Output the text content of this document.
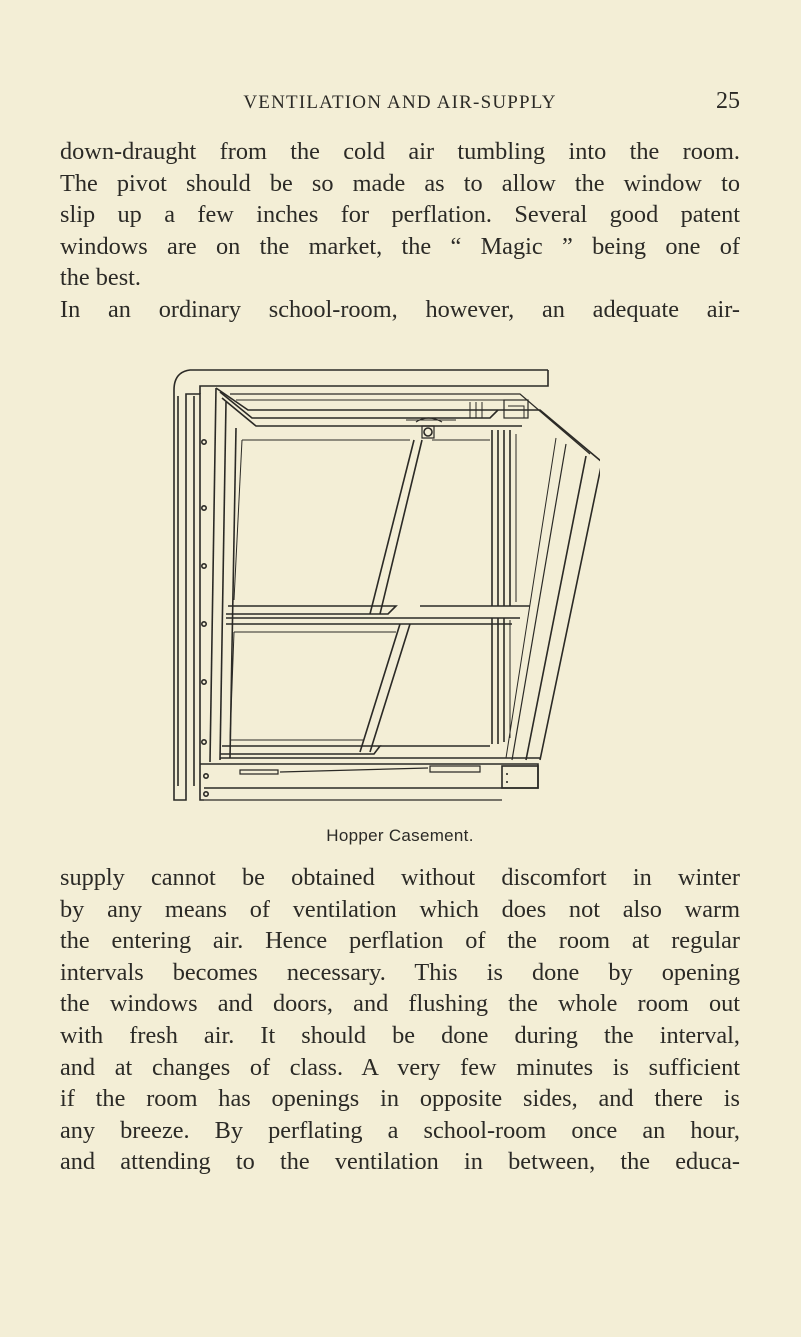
VENTILATION AND AIR-SUPPLY	25
down-draught from the cold air tumbling into the room.
The pivot should be so made as to allow the window to
slip up a few inches for perflation. Several good patent
windows are on the market, the “ Magic ” being one of
the best.
In an ordinary school-room, however, an adequate air-
Hopper Casement.
supply cannot be obtained without discomfort in winter
by any means of ventilation which does not also warm
the entering air. Hence perflation of the room at regular
intervals becomes necessary. This is done by opening
the windows and doors, and flushing the whole room out
with fresh air. It should be done during the interval,
and at changes of class. A very few minutes is sufficient
if the room has openings in opposite sides, and there is
any breeze. By perflating a school-room once an hour,
and attending to the ventilation in between, the educa-
